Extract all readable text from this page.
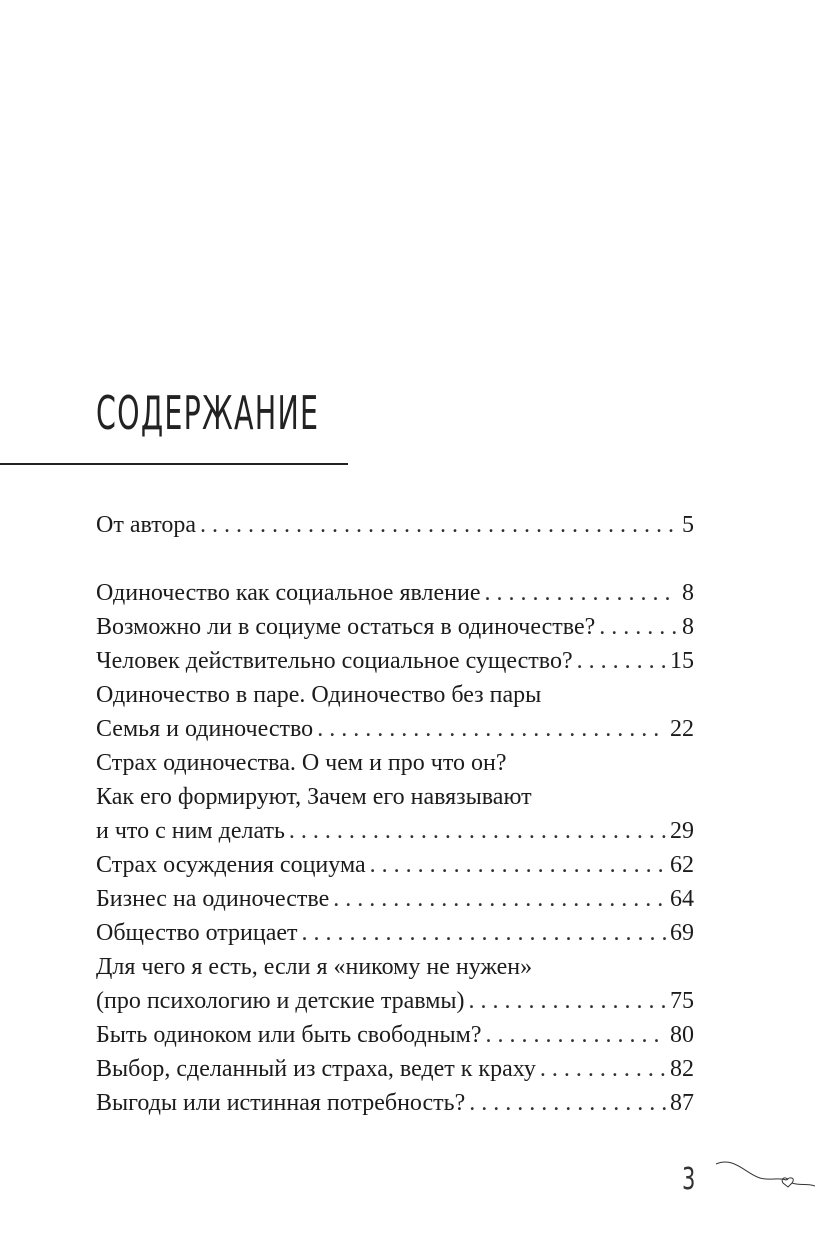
СОДЕРЖАНИЕ
От автора . . .	5
Одиночество как социальное явление . . .	8
Возможно ли в социуме остаться в одиночестве? . . .	8
Человек действительно социальное существо? . . .	15
Одиночество в паре. Одиночество без пары
Семья и одиночество . . .	22
Страх одиночества. О чем и про что он?
Как его формируют, Зачем его навязывают
и что с ним делать . . .	29
Страх осуждения социума . . .	62
Бизнес на одиночестве . . .	64
Общество отрицает . . .	69
Для чего я есть, если я «никому не нужен»
(про психологию и детские травмы) . . .	75
Быть одиноком или быть свободным? . . .	80
Выбор, сделанный из страха, ведет к краху . . .	82
Выгоды или истинная потребность? . . .	87
3
